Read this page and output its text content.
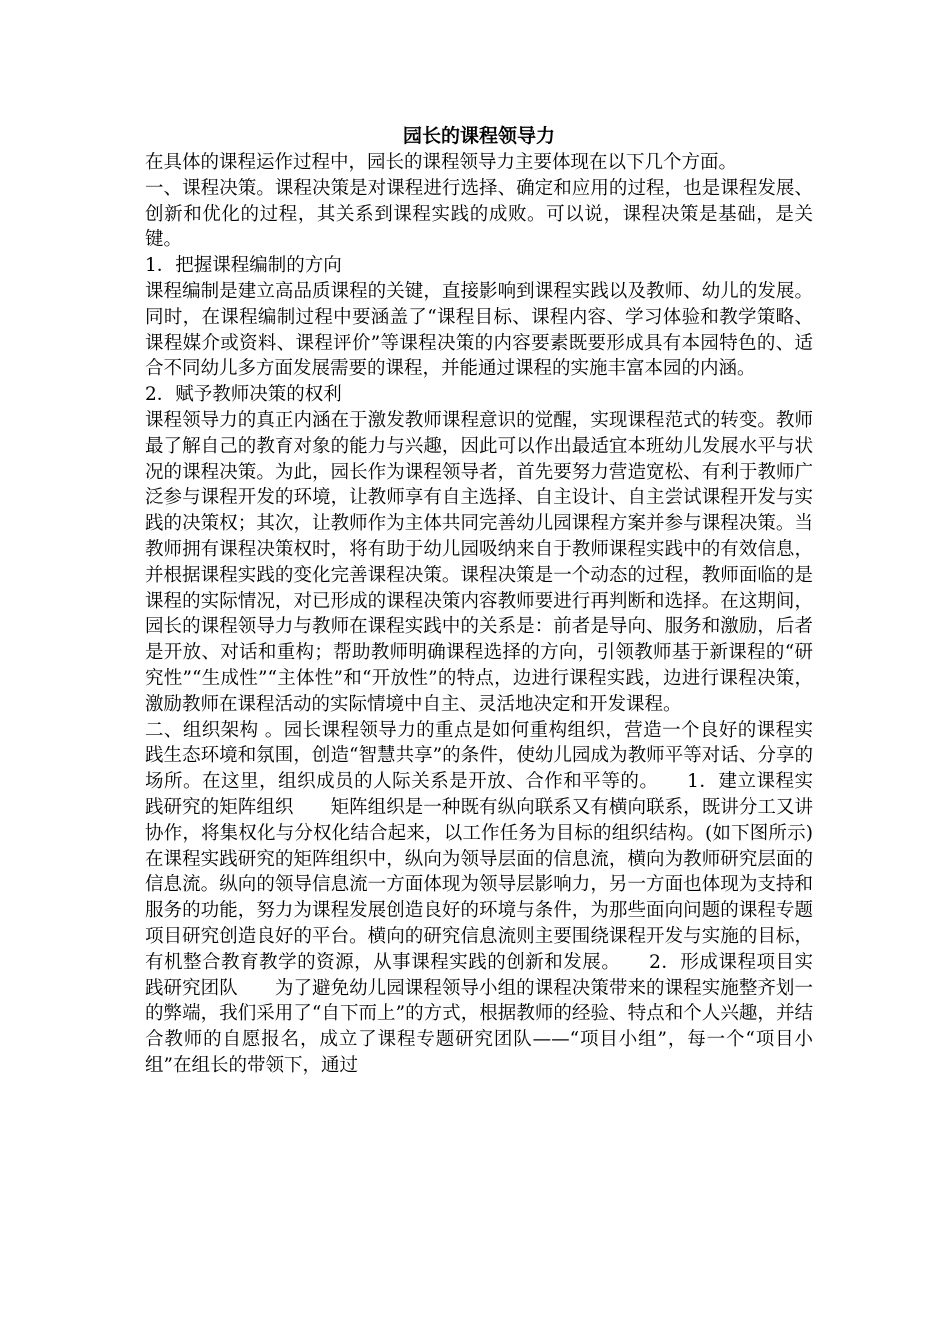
园长的课程领导力

在具体的课程运作过程中，园长的课程领导力主要体现在以下几个方面。

一、课程决策。课程决策是对课程进行选择、确定和应用的过程，也是课程发展、创新和优化的过程，其关系到课程实践的成败。可以说，课程决策是基础，是关键。

1．把握课程编制的方向

课程编制是建立高品质课程的关键，直接影响到课程实践以及教师、幼儿的发展。同时，在课程编制过程中要涵盖了“课程目标、课程内容、学习体验和教学策略、课程媒介或资料、课程评价”等课程决策的内容要素既要形成具有本园特色的、适合不同幼儿多方面发展需要的课程，并能通过课程的实施丰富本园的内涵。

2．赋予教师决策的权利

课程领导力的真正内涵在于激发教师课程意识的觉醒，实现课程范式的转变。教师最了解自己的教育对象的能力与兴趣，因此可以作出最适宜本班幼儿发展水平与状况的课程决策。为此，园长作为课程领导者，首先要努力营造宽松、有利于教师广泛参与课程开发的环境，让教师享有自主选择、自主设计、自主尝试课程开发与实践的决策权；其次，让教师作为主体共同完善幼儿园课程方案并参与课程决策。当教师拥有课程决策权时，将有助于幼儿园吸纳来自于教师课程实践中的有效信息，并根据课程实践的变化完善课程决策。课程决策是一个动态的过程，教师面临的是课程的实际情况，对已形成的课程决策内容教师要进行再判断和选择。在这期间，园长的课程领导力与教师在课程实践中的关系是：前者是导向、服务和激励，后者是开放、对话和重构；帮助教师明确课程选择的方向，引领教师基于新课程的“研究性”“生成性”“主体性”和“开放性”的特点，边进行课程实践，边进行课程决策，激励教师在课程活动的实际情境中自主、灵活地决定和开发课程。

二、组织架构 。园长课程领导力的重点是如何重构组织，营造一个良好的课程实践生态环境和氛围，创造“智慧共享”的条件，使幼儿园成为教师平等对话、分享的场所。在这里，组织成员的人际关系是开放、合作和平等的。　　1．建立课程实践研究的矩阵组织　　矩阵组织是一种既有纵向联系又有横向联系，既讲分工又讲协作，将集权化与分权化结合起来，以工作任务为目标的组织结构。(如下图所示)在课程实践研究的矩阵组织中，纵向为领导层面的信息流，横向为教师研究层面的信息流。纵向的领导信息流一方面体现为领导层影响力，另一方面也体现为支持和服务的功能，努力为课程发展创造良好的环境与条件，为那些面向问题的课程专题项目研究创造良好的平台。横向的研究信息流则主要围绕课程开发与实施的目标，有机整合教育教学的资源，从事课程实践的创新和发展。　　2．形成课程项目实践研究团队　　为了避免幼儿园课程领导小组的课程决策带来的课程实施整齐划一的弊端，我们采用了“自下而上”的方式，根据教师的经验、特点和个人兴趣，并结合教师的自愿报名，成立了课程专题研究团队——“项目小组”，每一个“项目小组”在组长的带领下，通过
